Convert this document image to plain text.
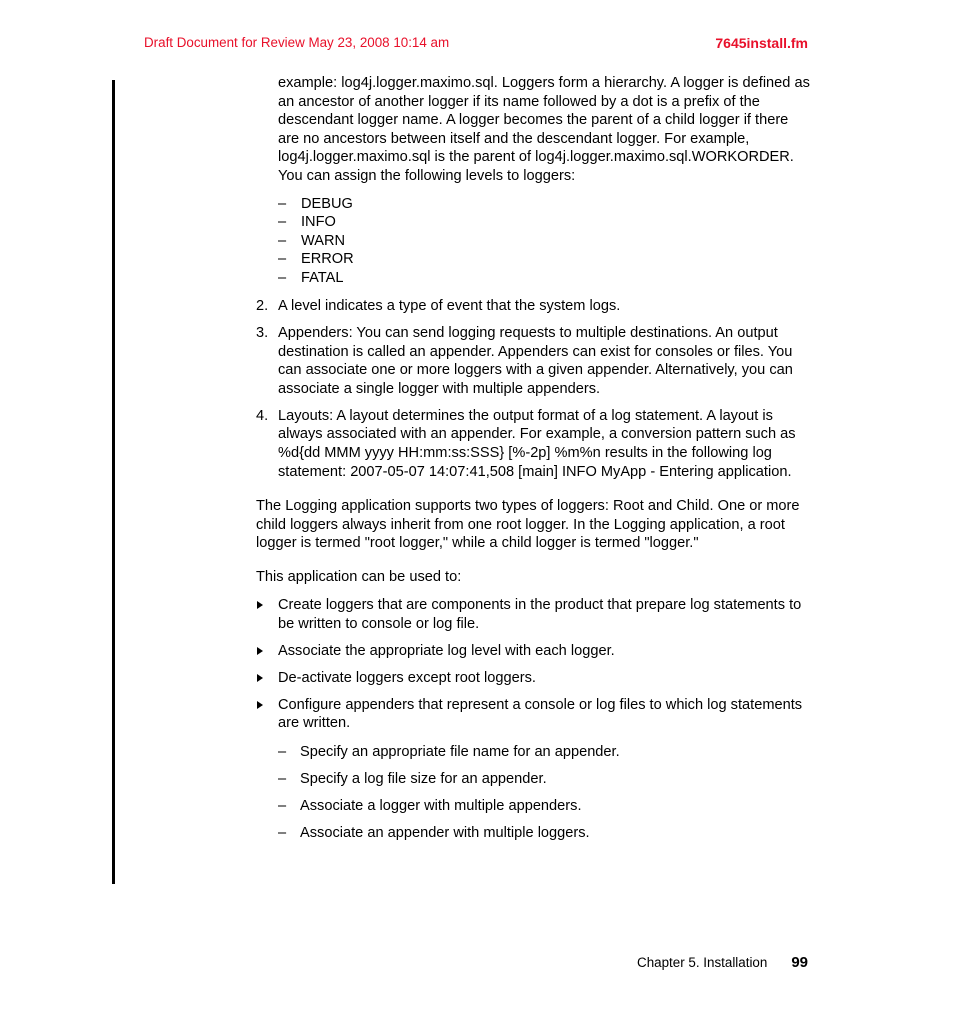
Draft Document for Review May 23, 2008 10:14 am	7645install.fm
example: log4j.logger.maximo.sql. Loggers form a hierarchy. A logger is defined as an ancestor of another logger if its name followed by a dot is a prefix of the descendant logger name. A logger becomes the parent of a child logger if there are no ancestors between itself and the descendant logger. For example, log4j.logger.maximo.sql is the parent of log4j.logger.maximo.sql.WORKORDER. You can assign the following levels to loggers:
– DEBUG
– INFO
– WARN
– ERROR
– FATAL
2. A level indicates a type of event that the system logs.
3. Appenders: You can send logging requests to multiple destinations. An output destination is called an appender. Appenders can exist for consoles or files. You can associate one or more loggers with a given appender. Alternatively, you can associate a single logger with multiple appenders.
4. Layouts: A layout determines the output format of a log statement. A layout is always associated with an appender. For example, a conversion pattern such as %d{dd MMM yyyy HH:mm:ss:SSS} [%-2p] %m%n results in the following log statement: 2007-05-07 14:07:41,508 [main] INFO MyApp - Entering application.

The Logging application supports two types of loggers: Root and Child. One or more child loggers always inherit from one root logger. In the Logging application, a root logger is termed "root logger," while a child logger is termed "logger."

This application can be used to:

Create loggers that are components in the product that prepare log statements to be written to console or log file.
Associate the appropriate log level with each logger.
De-activate loggers except root loggers.
Configure appenders that represent a console or log files to which log statements are written.
– Specify an appropriate file name for an appender.
– Specify a log file size for an appender.
– Associate a logger with multiple appenders.
– Associate an appender with multiple loggers.
Chapter 5. Installation 99
